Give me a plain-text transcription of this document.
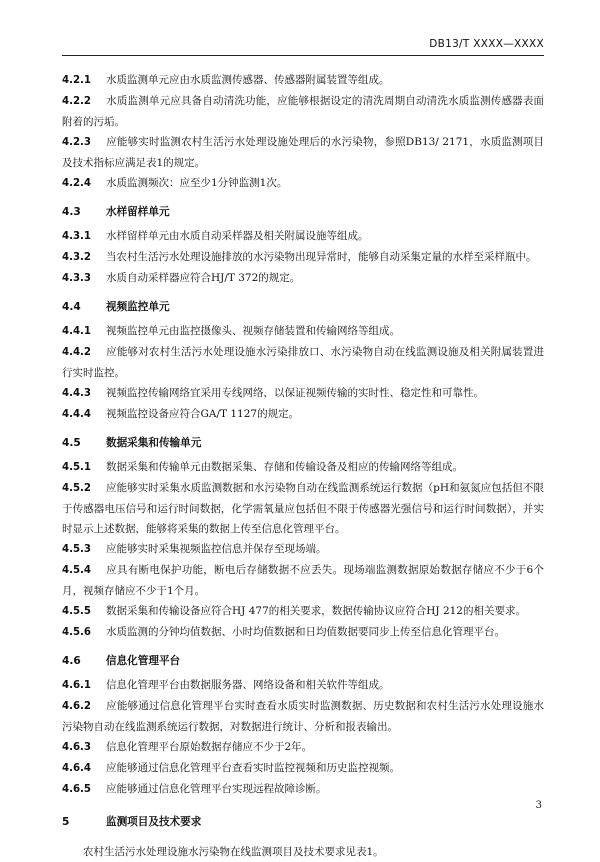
DB13/T XXXX—XXXX
4.2.1 水质监测单元应由水质监测传感器、传感器附属装置等组成。
4.2.2 水质监测单元应具备自动清洗功能，应能够根据设定的清洗周期自动清洗水质监测传感器表面附着的污垢。
4.2.3 应能够实时监测农村生活污水处理设施处理后的水污染物，参照DB13/ 2171，水质监测项目及技术指标应满足表1的规定。
4.2.4 水质监测频次：应至少1分钟监测1次。
4.3 水样留样单元
4.3.1 水样留样单元由水质自动采样器及相关附属设施等组成。
4.3.2 当农村生活污水处理设施排放的水污染物出现异常时，能够自动采集定量的水样至采样瓶中。
4.3.3 水质自动采样器应符合HJ/T 372的规定。
4.4 视频监控单元
4.4.1 视频监控单元由监控摄像头、视频存储装置和传输网络等组成。
4.4.2 应能够对农村生活污水处理设施水污染排放口、水污染物自动在线监测设施及相关附属装置进行实时监控。
4.4.3 视频监控传输网络宜采用专线网络，以保证视频传输的实时性、稳定性和可靠性。
4.4.4 视频监控设备应符合GA/T 1127的规定。
4.5 数据采集和传输单元
4.5.1 数据采集和传输单元由数据采集、存储和传输设备及相应的传输网络等组成。
4.5.2 应能够实时采集水质监测数据和水污染物自动在线监测系统运行数据（pH和氨氮应包括但不限于传感器电压信号和运行时间数据，化学需氧量应包括但不限于传感器光强信号和运行时间数据），并实时显示上述数据，能够将采集的数据上传至信息化管理平台。
4.5.3 应能够实时采集视频监控信息并保存至现场端。
4.5.4 应具有断电保护功能，断电后存储数据不应丢失。现场端监测数据原始数据存储应不少于6个月，视频存储应不少于1个月。
4.5.5 数据采集和传输设备应符合HJ 477的相关要求，数据传输协议应符合HJ 212的相关要求。
4.5.6 水质监测的分钟均值数据、小时均值数据和日均值数据要同步上传至信息化管理平台。
4.6 信息化管理平台
4.6.1 信息化管理平台由数据服务器、网络设备和相关软件等组成。
4.6.2 应能够通过信息化管理平台实时查看水质实时监测数据、历史数据和农村生活污水处理设施水污染物自动在线监测系统运行数据，对数据进行统计、分析和报表输出。
4.6.3 信息化管理平台原始数据存储应不少于2年。
4.6.4 应能够通过信息化管理平台查看实时监控视频和历史监控视频。
4.6.5 应能够通过信息化管理平台实现远程故障诊断。
5	监测项目及技术要求
农村生活污水处理设施水污染物在线监测项目及技术要求见表1。
3
